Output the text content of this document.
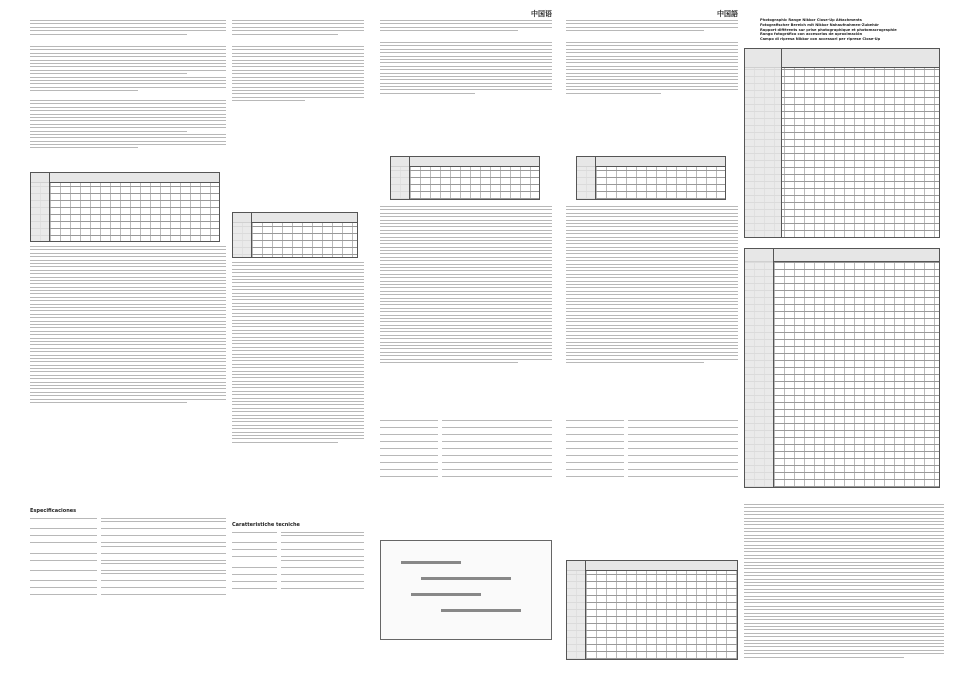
Especificaciones
Caratteristiche tecniche
中国语	中国語
Photographic Range Nikkor Close-Up Attachments
Fotografischer Bereich mit Nikkor Nahaufnahmen-Zubehör
Rapport différents sur prise photographique et photomacrographie
Rango fotográfico con accesorios de aproximación
Campo di ripresa Nikkor con accessori per riprese Close-Up
